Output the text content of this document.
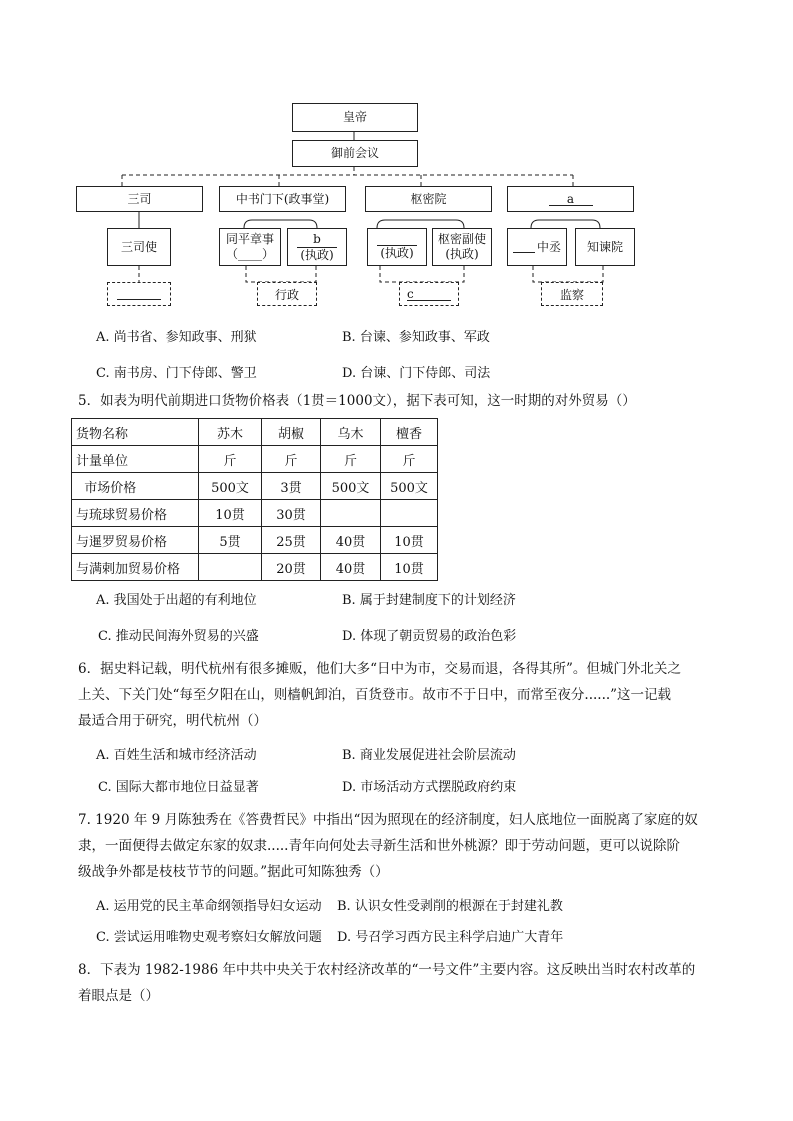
皇帝
御前会议
三司	中书门下(政事堂)	枢密院	a
三司使
同平章事
（____）
b
(执政)
行政
(执政)
枢密副使
(执政)
c
中丞 知谏院
监察
A. 尚书省、参知政事、刑狱	B. 台谏、参知政事、军政
C. 南书房、门下侍郎、警卫	D. 台谏、门下侍郎、司法
5．如表为明代前期进口货物价格表（1贯＝1000文），据下表可知，这一时期的对外贸易（）
货物名称	苏木	胡椒	乌木	檀香
计量单位	斤	斤	斤	斤
市场价格	500文	3贯	500文	500文
与琉球贸易价格	10贯	30贯		
与暹罗贸易价格	5贯	25贯	40贯	10贯
与满剌加贸易价格		20贯	40贯	10贯
A. 我国处于出超的有利地位	B. 属于封建制度下的计划经济
C. 推动民间海外贸易的兴盛	D. 体现了朝贡贸易的政治色彩
6．据史料记载，明代杭州有很多摊贩，他们大多“日中为市，交易而退，各得其所”。但城门外北关之
上关、下关门处“每至夕阳在山，则樯帆卸泊，百货登市。故市不于日中，而常至夜分......”这一记载
最适合用于研究，明代杭州（）
A. 百姓生活和城市经济活动	B. 商业发展促进社会阶层流动
C. 国际大都市地位日益显著	D. 市场活动方式摆脱政府约束
7. 1920 年 9 月陈独秀在《答费哲民》中指出“因为照现在的经济制度，妇人底地位一面脱离了家庭的奴
隶，一面便得去做定东家的奴隶.....青年向何处去寻新生活和世外桃源？即于劳动问题，更可以说除阶
级战争外都是枝枝节节的问题。”据此可知陈独秀（）
A. 运用党的民主革命纲领指导妇女运动 B. 认识女性受剥削的根源在于封建礼教
C. 尝试运用唯物史观考察妇女解放问题 D. 号召学习西方民主科学启迪广大青年
8．下表为 1982-1986 年中共中央关于农村经济改革的“一号文件”主要内容。这反映出当时农村改革的
着眼点是（）
